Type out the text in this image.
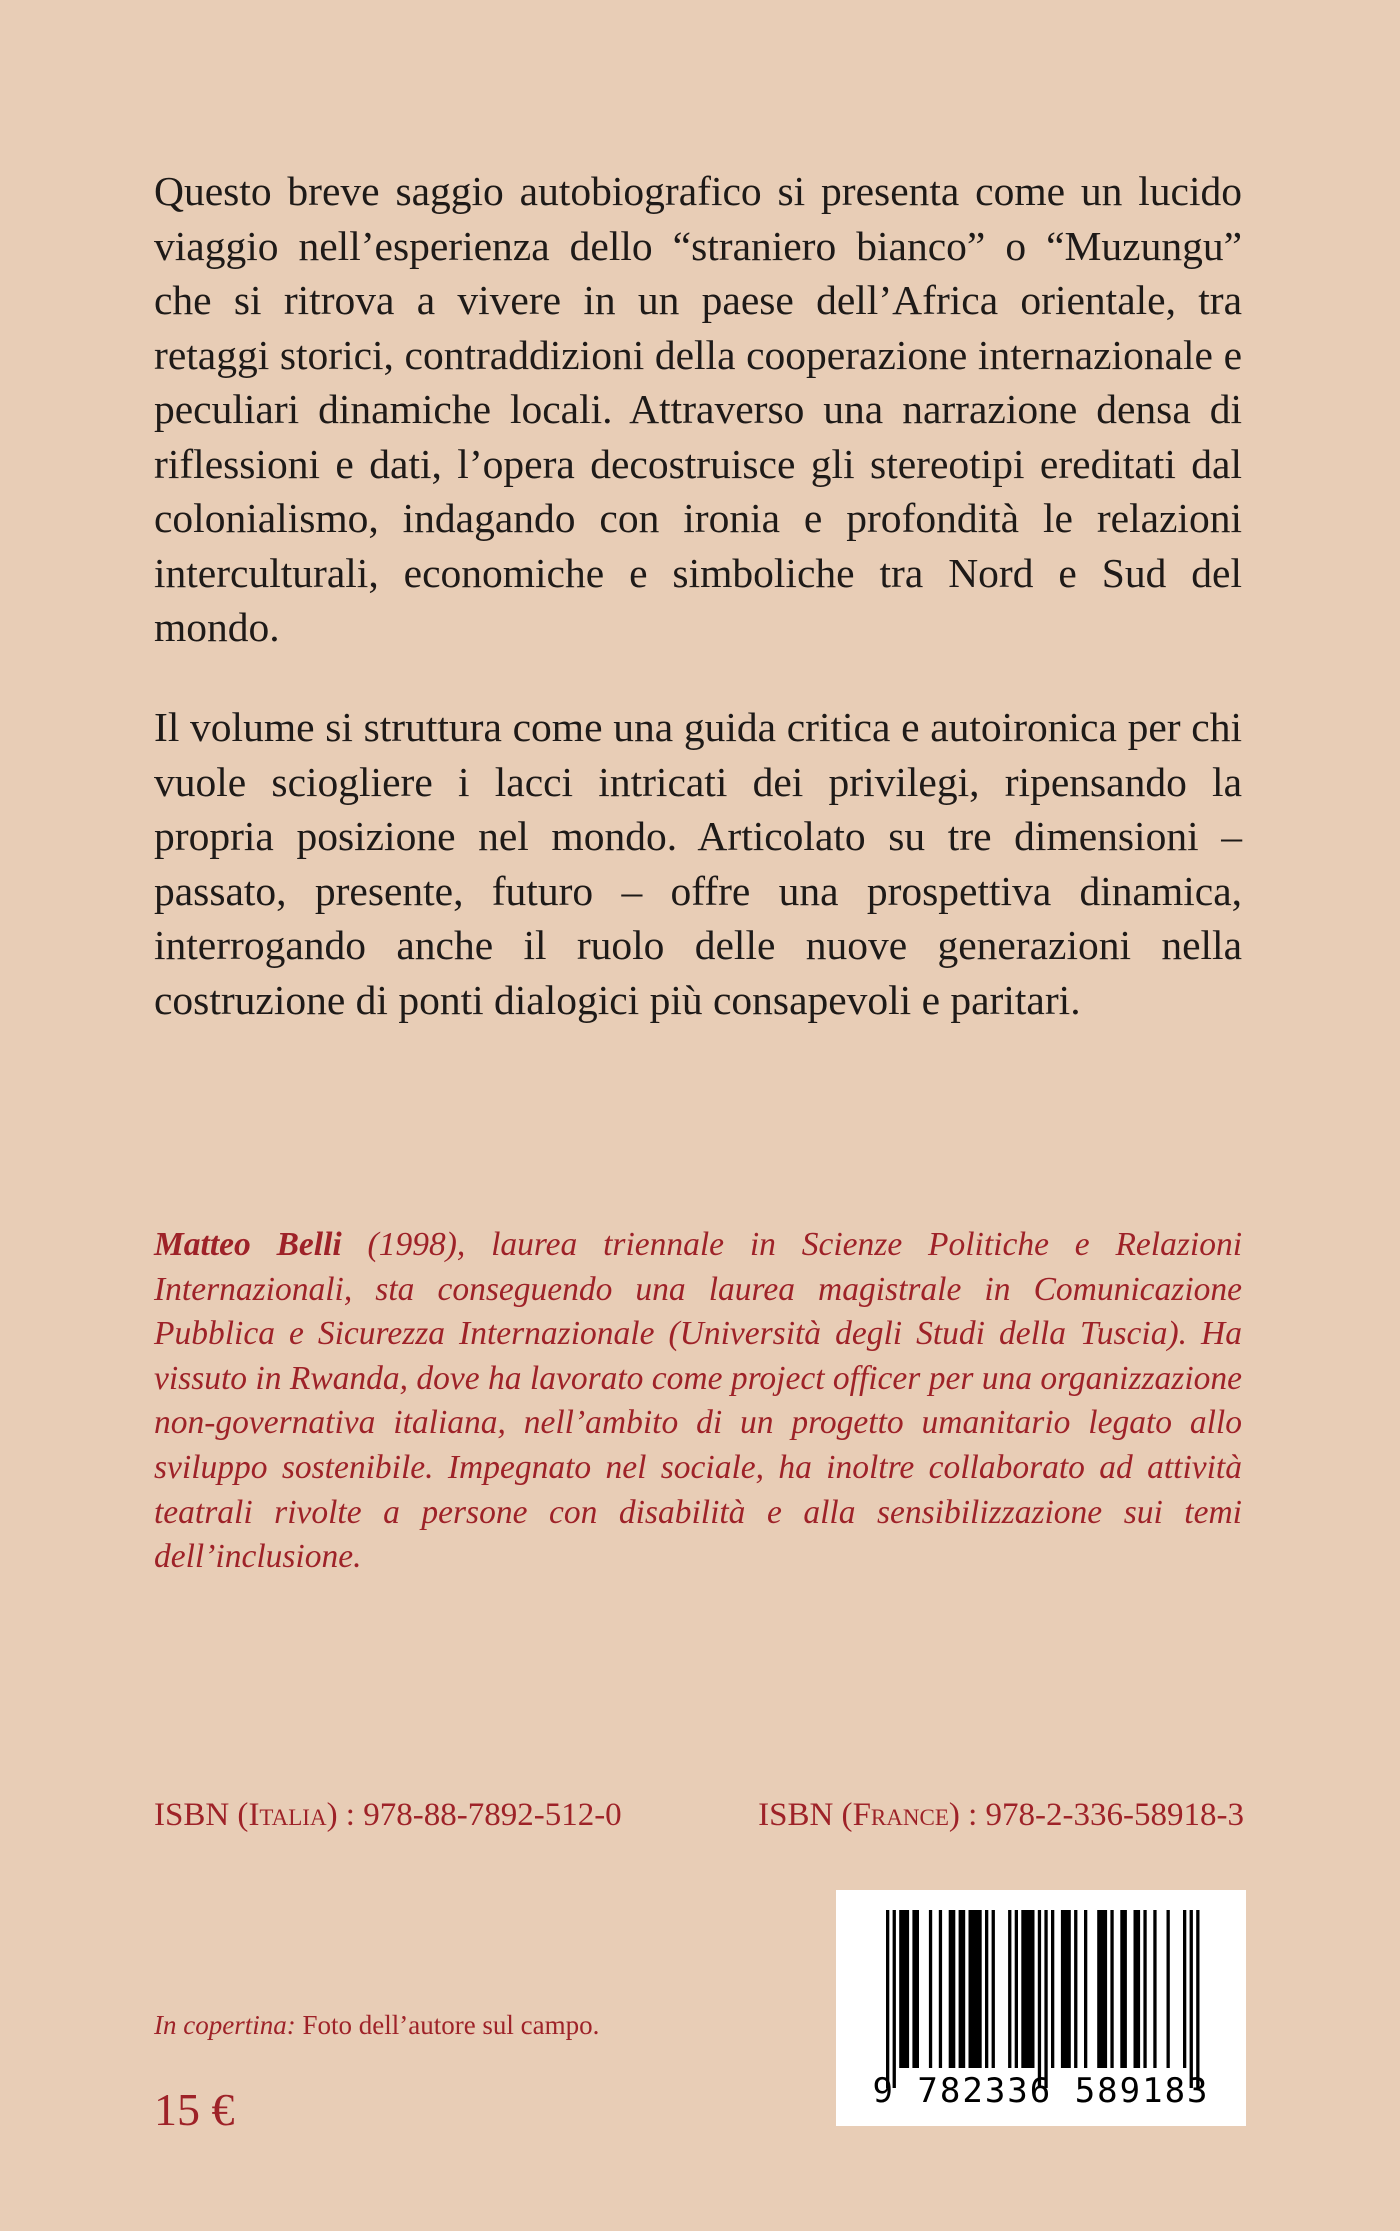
Questo breve saggio autobiografico si presenta come un lucido viaggio nell’esperienza dello “straniero bianco” o “Muzungu” che si ritrova a vivere in un paese dell’Africa orientale, tra retaggi storici, contraddizioni della cooperazione internazionale e peculiari dinamiche locali. Attraverso una narrazione densa di riflessioni e dati, l’opera decostruisce gli stereotipi ereditati dal colonialismo, indagando con ironia e profondità le relazioni interculturali, economiche e simboliche tra Nord e Sud del mondo.

Il volume si struttura come una guida critica e autoironica per chi vuole sciogliere i lacci intricati dei privilegi, ripensando la propria posizione nel mondo. Articolato su tre dimensioni – passato, presente, futuro – offre una prospettiva dinamica, interrogando anche il ruolo delle nuove generazioni nella costruzione di ponti dialogici più consapevoli e paritari.

Matteo Belli (1998), laurea triennale in Scienze Politiche e Relazioni Internazionali, sta conseguendo una laurea magistrale in Comunicazione Pubblica e Sicurezza Internazionale (Università degli Studi della Tuscia). Ha vissuto in Rwanda, dove ha lavorato come project officer per una organizzazione non-governativa italiana, nell’ambito di un progetto umanitario legato allo sviluppo sostenibile. Impegnato nel sociale, ha inoltre collaborato ad attività teatrali rivolte a persone con disabilità e alla sensibilizzazione sui temi dell’inclusione.

ISBN (Italia) : 978-88-7892-512-0	ISBN (France) : 978-2-336-58918-3
9 782336 589183
In copertina: Foto dell’autore sul campo.
15 €
